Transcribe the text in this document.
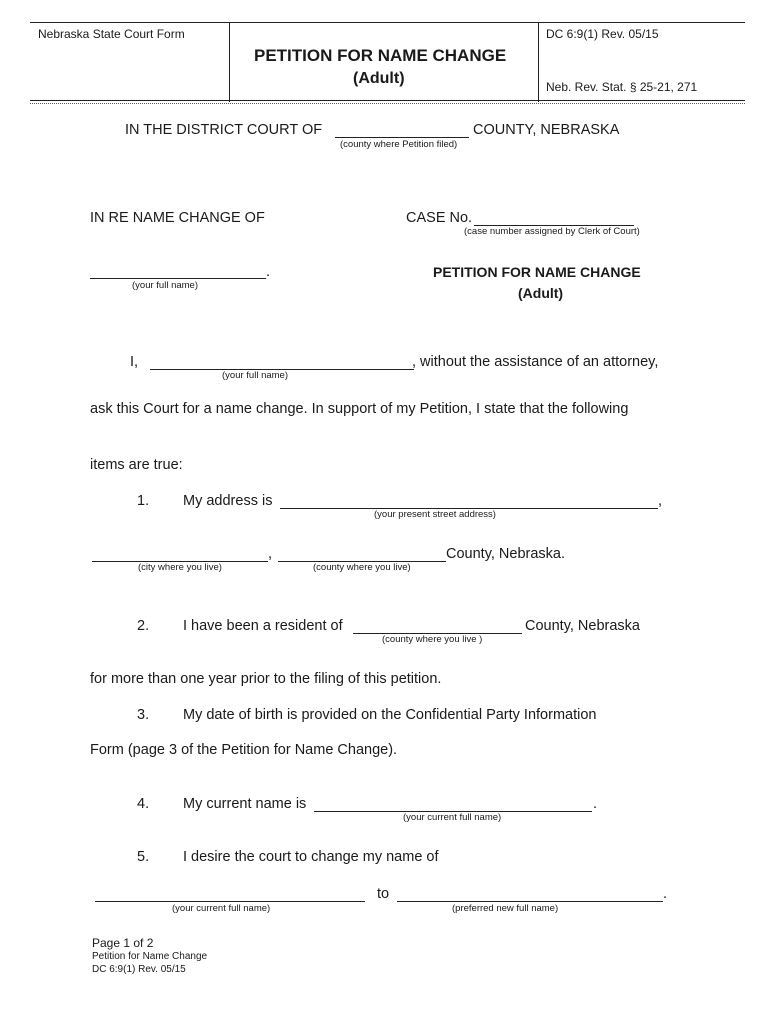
Nebraska State Court Form
PETITION FOR NAME CHANGE
(Adult)
DC 6:9(1) Rev. 05/15
Neb. Rev. Stat. § 25-21, 271
IN THE DISTRICT COURT OF	COUNTY, NEBRASKA
(county where Petition filed)
IN RE NAME CHANGE OF	CASE No.
(case number assigned by Clerk of Court)
.
(your full name)
PETITION FOR NAME CHANGE
(Adult)
I,	, without the assistance of an attorney,
(your full name)
ask this Court for a name change. In support of my Petition, I state that the following
items are true:
1. My address is	,
(your present street address)
,	County, Nebraska.
(city where you live)	(county where you live)
2. I have been a resident of	County, Nebraska
(county where you live )
for more than one year prior to the filing of this petition.
3. My date of birth is provided on the Confidential Party Information
Form (page 3 of the Petition for Name Change).
4. My current name is	.
(your current full name)
5. I desire the court to change my name of
to	.
(your current full name)	(preferred new full name)
Page 1 of 2
Petition for Name Change
DC 6:9(1) Rev. 05/15
